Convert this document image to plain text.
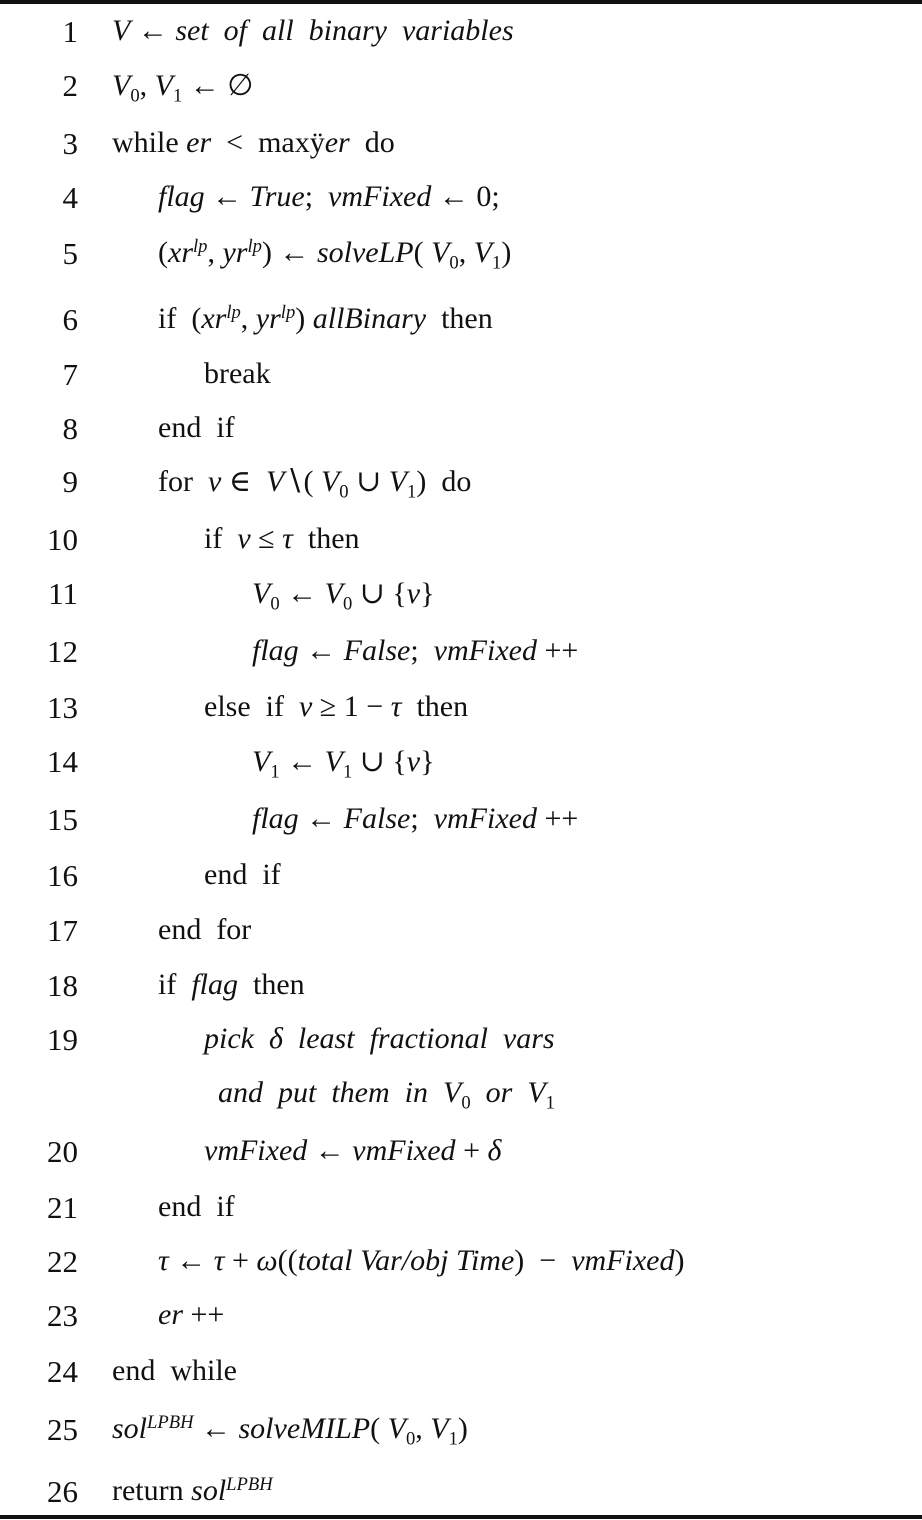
1 V ← set  of  all  binary  variables
2 $V_0$, $V_1$ ← ∅
3 while er  <  maxÿer do
4	flag ← True;  νmFixed ← 0;
5	($xr^{lp}$, $yr^{lp}$) ← solveLP( $V_0$, $V_1$)
6	if  ($xr^{lp}$, $yr^{lp}$) allBinary then
7	break
8	end  if
9	for v ∈  V∖( $V_0$ ∪ $V_1$)  do
10	if v ≤ τ then
11	$V_0$ ← $V_0$ ∪ {v}
12	flag ← False;  νmFixed ++
13	else  if v ≥ 1 − τ then
14	$V_1$ ← $V_1$ ∪ {v}
15	flag ← False;  νmFixed ++
16	end  if
17	end  for
18	if flag then
19	pick  δ  least  fractional  vars
and  put  them  in $V_0$ or $V_1$
20	νmFixed ← νmFixed + δ
21	end  if
22	τ ← τ + ω((total Var/obj Time)  −  νmFixed)
23	er ++
24 end  while
25 sol$^{LPBH}$ ← solveMILP( $V_0$, $V_1$)
26 return sol$^{LPBH}$
